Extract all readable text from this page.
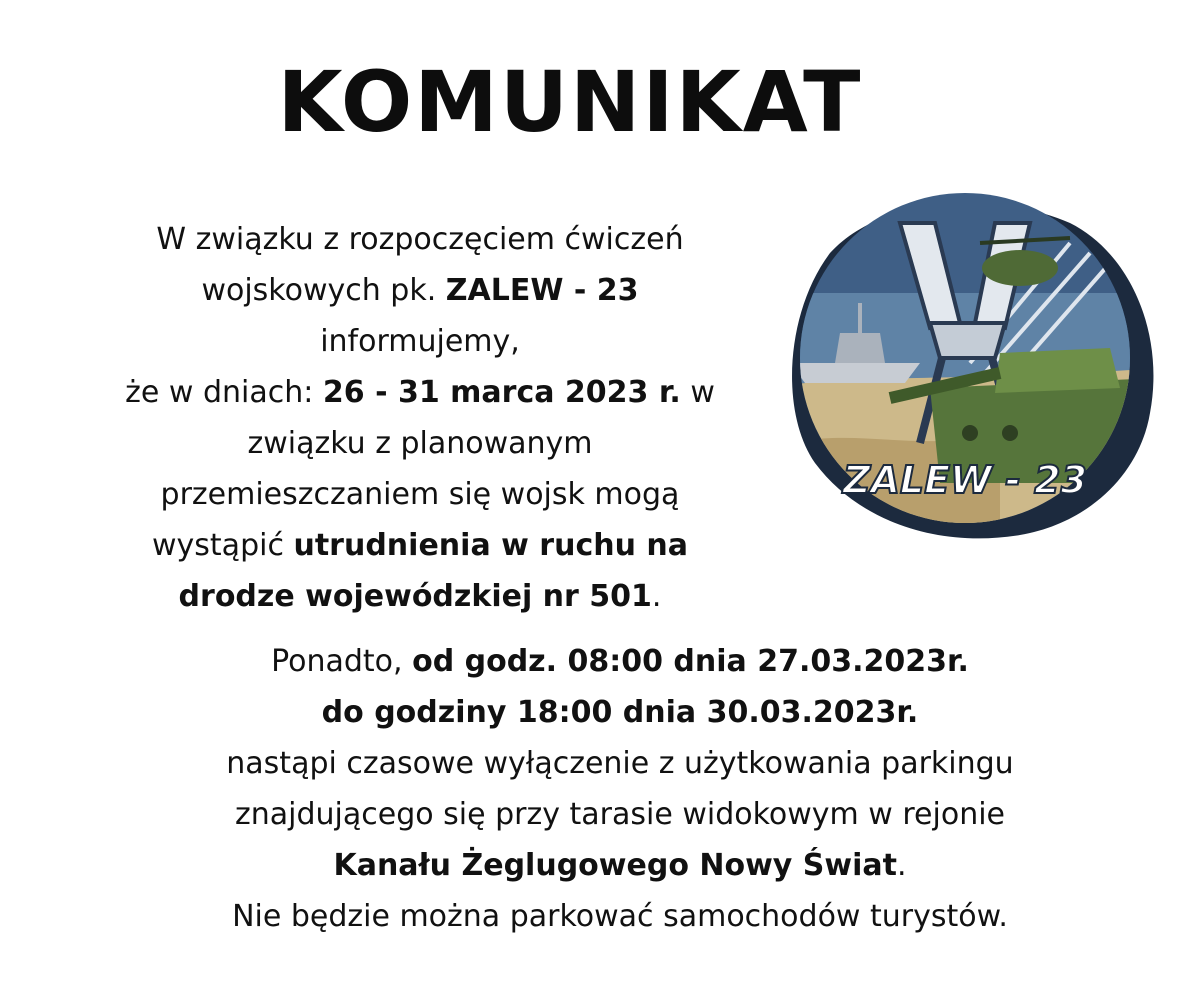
KOMUNIKAT
W związku z rozpoczęciem ćwiczeń
wojskowych pk. ZALEW - 23
informujemy,
że w dniach: 26 - 31 marca 2023 r. w
związku z planowanym
przemieszczaniem się wojsk mogą
wystąpić utrudnienia w ruchu na
drodze wojewódzkiej nr 501.
ZALEW - 23
Ponadto, od godz. 08:00 dnia 27.03.2023r.
do godziny 18:00 dnia 30.03.2023r.
nastąpi czasowe wyłączenie z użytkowania parkingu
znajdującego się przy tarasie widokowym w rejonie
Kanału Żeglugowego Nowy Świat.
Nie będzie można parkować samochodów turystów.
